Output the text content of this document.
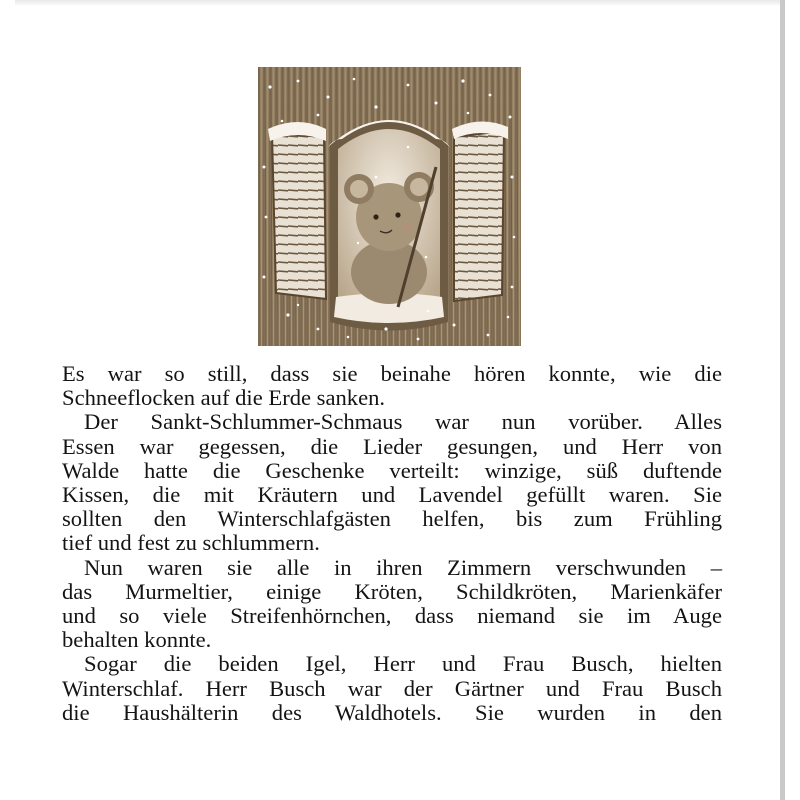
Es war so still, dass sie beinahe hören konnte, wie die
Schneeflocken auf die Erde sanken.

Der Sankt-Schlummer-Schmaus war nun vorüber. Alles
Essen war gegessen, die Lieder gesungen, und Herr von
Walde hatte die Geschenke verteilt: winzige, süß duftende
Kissen, die mit Kräutern und Lavendel gefüllt waren. Sie
sollten den Winterschlafgästen helfen, bis zum Frühling
tief und fest zu schlummern.

Nun waren sie alle in ihren Zimmern verschwunden –
das Murmeltier, einige Kröten, Schildkröten, Marienkäfer
und so viele Streifenhörnchen, dass niemand sie im Auge
behalten konnte.

Sogar die beiden Igel, Herr und Frau Busch, hielten
Winterschlaf. Herr Busch war der Gärtner und Frau Busch
die Haushälterin des Waldhotels. Sie wurden in den
